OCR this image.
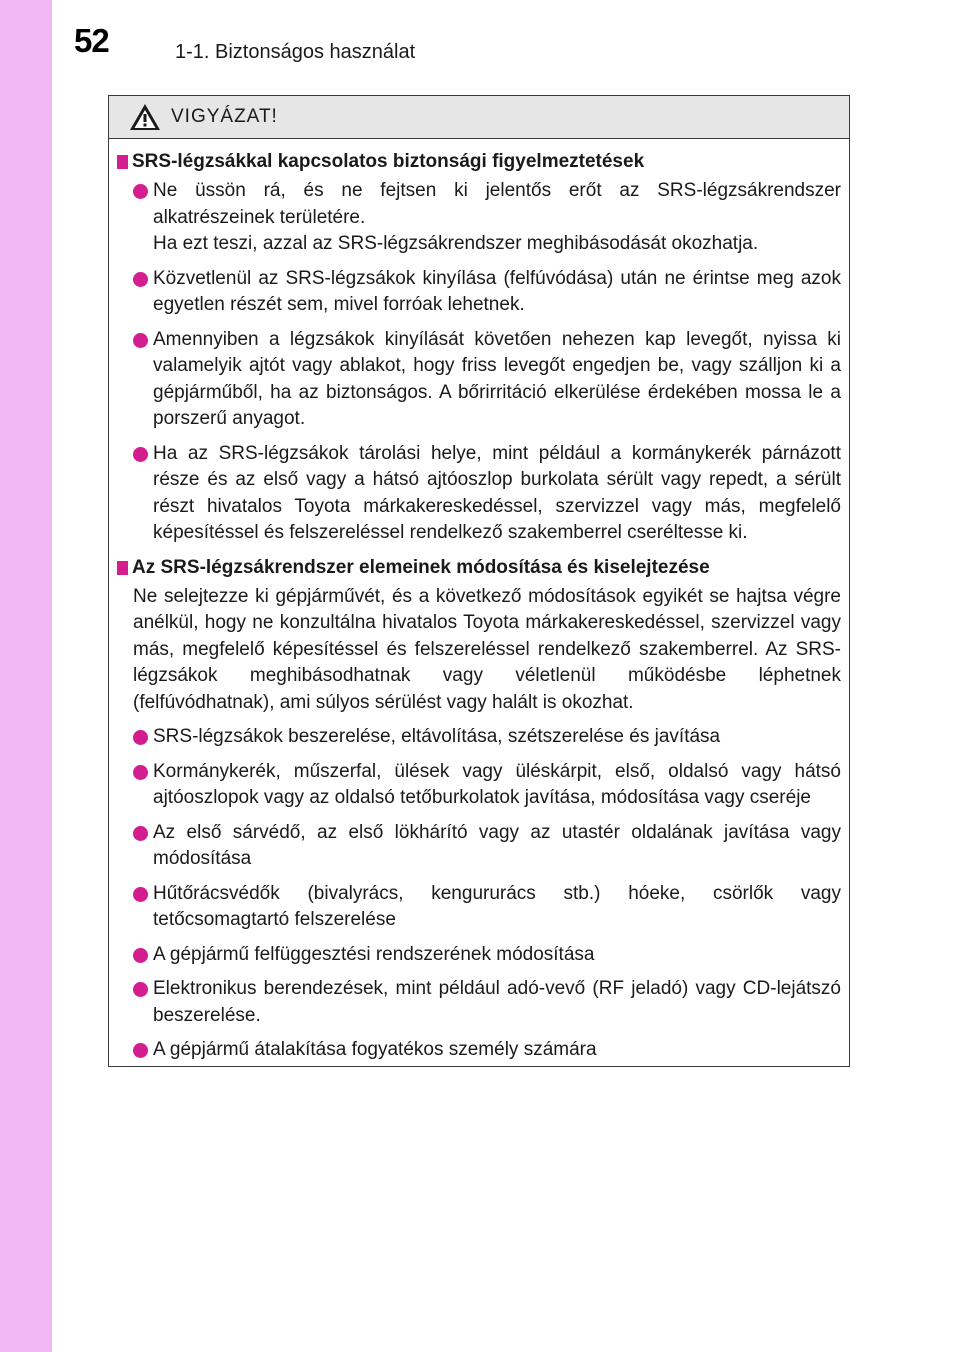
52	1-1. Biztonságos használat
VIGYÁZAT!
SRS-légzsákkal kapcsolatos biztonsági figyelmeztetések
Ne üssön rá, és ne fejtsen ki jelentős erőt az SRS-légzsákrendszer alkatrészeinek területére.
Ha ezt teszi, azzal az SRS-légzsákrendszer meghibásodását okozhatja.
Közvetlenül az SRS-légzsákok kinyílása (felfúvódása) után ne érintse meg azok egyetlen részét sem, mivel forróak lehetnek.
Amennyiben a légzsákok kinyílását követően nehezen kap levegőt, nyissa ki valamelyik ajtót vagy ablakot, hogy friss levegőt engedjen be, vagy szálljon ki a gépjárműből, ha az biztonságos. A bőrirritáció elkerülése érdekében mossa le a porszerű anyagot.
Ha az SRS-légzsákok tárolási helye, mint például a kormánykerék párnázott része és az első vagy a hátsó ajtóoszlop burkolata sérült vagy repedt, a sérült részt hivatalos Toyota márkakereskedéssel, szervizzel vagy más, megfelelő képesítéssel és felszereléssel rendelkező szakemberrel cseréltesse ki.
Az SRS-légzsákrendszer elemeinek módosítása és kiselejtezése
Ne selejtezze ki gépjárművét, és a következő módosítások egyikét se hajtsa végre anélkül, hogy ne konzultálna hivatalos Toyota márkakereskedéssel, szervizzel vagy más, megfelelő képesítéssel és felszereléssel rendelkező szakemberrel. Az SRS-légzsákok meghibásodhatnak vagy véletlenül működésbe léphetnek (felfúvódhatnak), ami súlyos sérülést vagy halált is okozhat.
SRS-légzsákok beszerelése, eltávolítása, szétszerelése és javítása
Kormánykerék, műszerfal, ülések vagy üléskárpit, első, oldalsó vagy hátsó ajtóoszlopok vagy az oldalsó tetőburkolatok javítása, módosítása vagy cseréje
Az első sárvédő, az első lökhárító vagy az utastér oldalának javítása vagy módosítása
Hűtőrácsvédők (bivalyrács, kengururács stb.) hóeke, csörlők vagy tetőcsomagtartó felszerelése
A gépjármű felfüggesztési rendszerének módosítása
Elektronikus berendezések, mint például adó-vevő (RF jeladó) vagy CD-lejátszó beszerelése.
A gépjármű átalakítása fogyatékos személy számára
